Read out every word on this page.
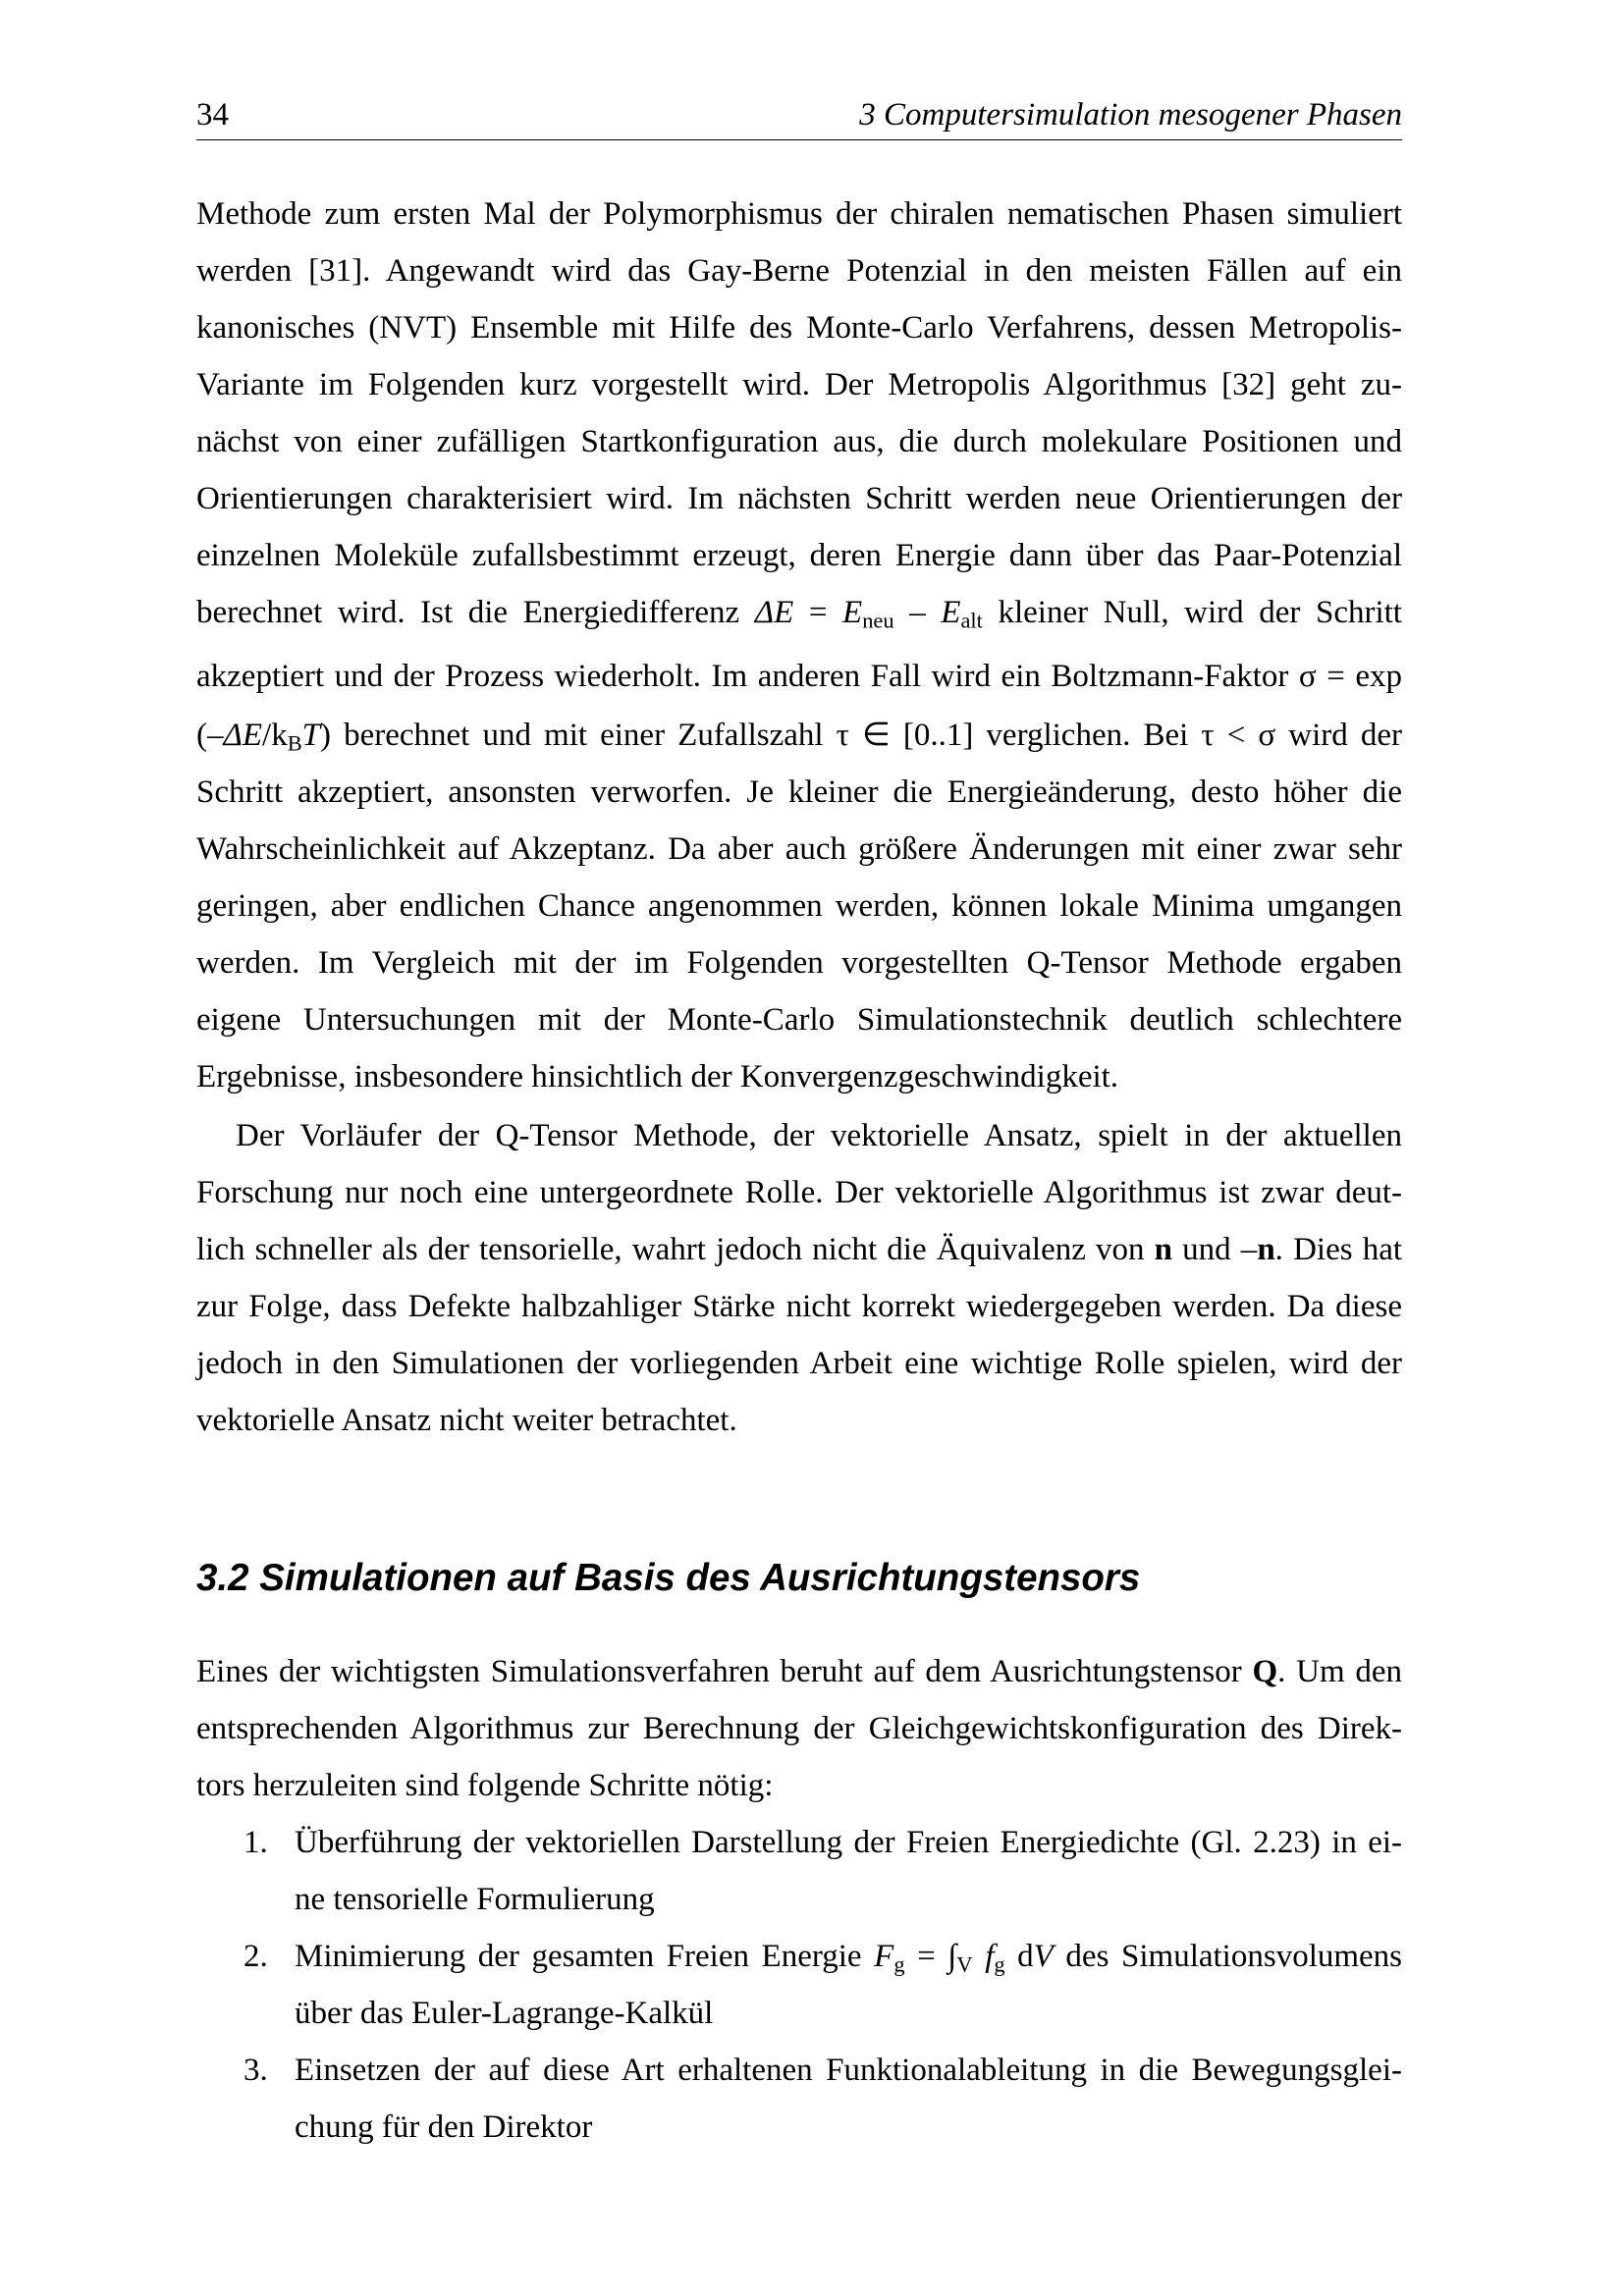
34	3 Computersimulation mesogener Phasen
Methode zum ersten Mal der Polymorphismus der chiralen nematischen Phasen simuliert
werden [31]. Angewandt wird das Gay-Berne Potenzial in den meisten Fällen auf ein
kanonisches (NVT) Ensemble mit Hilfe des Monte-Carlo Verfahrens, dessen Metropolis-
Variante im Folgenden kurz vorgestellt wird. Der Metropolis Algorithmus [32] geht zu-
nächst von einer zufälligen Startkonfiguration aus, die durch molekulare Positionen und
Orientierungen charakterisiert wird. Im nächsten Schritt werden neue Orientierungen der
einzelnen Moleküle zufallsbestimmt erzeugt, deren Energie dann über das Paar-Potenzial
berechnet wird. Ist die Energiedifferenz $\Delta E = E_{neu} - E_{alt}$ kleiner Null, wird der Schritt
akzeptiert und der Prozess wiederholt. Im anderen Fall wird ein Boltzmann-Faktor σ = exp
$(-\Delta E/k_BT)$ berechnet und mit einer Zufallszahl τ ∈ [0..1] verglichen. Bei τ < σ wird der
Schritt akzeptiert, ansonsten verworfen. Je kleiner die Energieänderung, desto höher die
Wahrscheinlichkeit auf Akzeptanz. Da aber auch größere Änderungen mit einer zwar sehr
geringen, aber endlichen Chance angenommen werden, können lokale Minima umgangen
werden. Im Vergleich mit der im Folgenden vorgestellten Q-Tensor Methode ergaben
eigene Untersuchungen mit der Monte-Carlo Simulationstechnik deutlich schlechtere
Ergebnisse, insbesondere hinsichtlich der Konvergenzgeschwindigkeit.
Der Vorläufer der Q-Tensor Methode, der vektorielle Ansatz, spielt in der aktuellen
Forschung nur noch eine untergeordnete Rolle. Der vektorielle Algorithmus ist zwar deut-
lich schneller als der tensorielle, wahrt jedoch nicht die Äquivalenz von n und –n. Dies hat
zur Folge, dass Defekte halbzahliger Stärke nicht korrekt wiedergegeben werden. Da diese
jedoch in den Simulationen der vorliegenden Arbeit eine wichtige Rolle spielen, wird der
vektorielle Ansatz nicht weiter betrachtet.
3.2 Simulationen auf Basis des Ausrichtungstensors
Eines der wichtigsten Simulationsverfahren beruht auf dem Ausrichtungstensor Q. Um den
entsprechenden Algorithmus zur Berechnung der Gleichgewichtskonfiguration des Direk-
tors herzuleiten sind folgende Schritte nötig:
1. Überführung der vektoriellen Darstellung der Freien Energiedichte (Gl. 2.23) in ei-
ne tensorielle Formulierung
2. Minimierung der gesamten Freien Energie $F_g = \int_V$ $f_g$ dV des Simulationsvolumens
über das Euler-Lagrange-Kalkül
3. Einsetzen der auf diese Art erhaltenen Funktionalableitung in die Bewegungsglei-
chung für den Direktor
